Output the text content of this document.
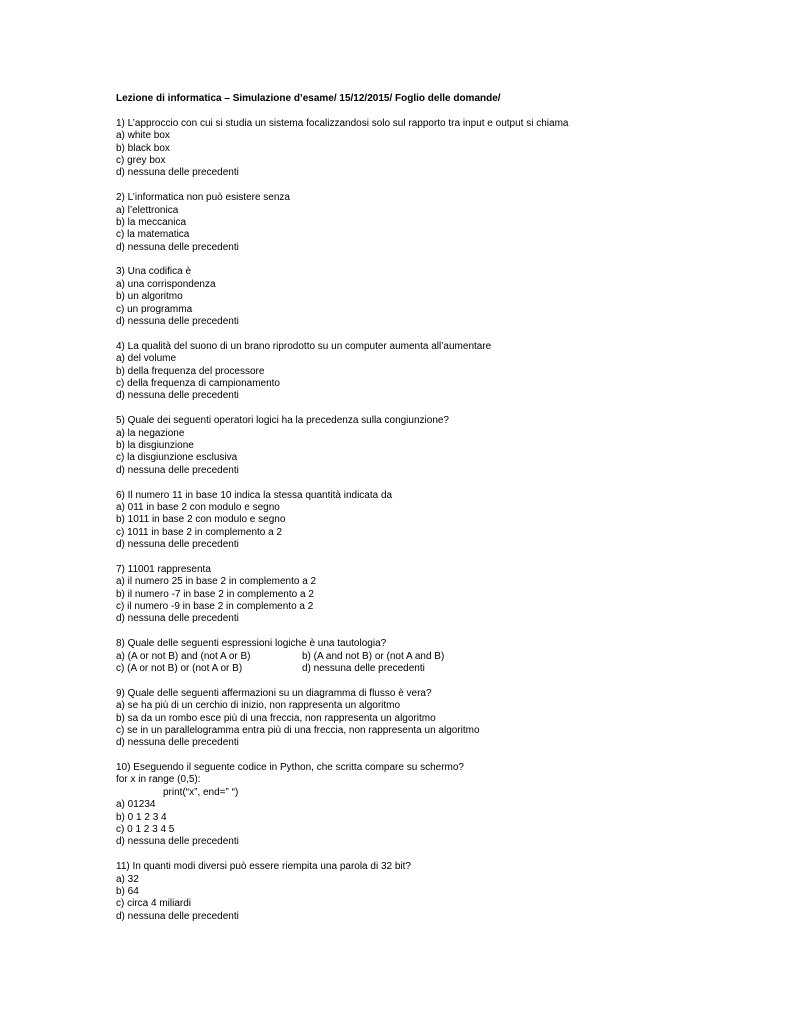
Lezione di informatica – Simulazione d’esame/ 15/12/2015/ Foglio delle domande/
1) L’approccio con cui si studia un sistema focalizzandosi solo sul rapporto tra input e output si chiama
a) white box
b) black box
c) grey box
d) nessuna delle precedenti
2) L’informatica non può esistere senza
a) l’elettronica
b) la meccanica
c) la matematica
d) nessuna delle precedenti
3) Una codifica è
a) una corrispondenza
b) un algoritmo
c) un programma
d) nessuna delle precedenti
4) La qualità del suono di un brano riprodotto su un computer aumenta all’aumentare
a) del volume
b) della frequenza del processore
c) della frequenza di campionamento
d) nessuna delle precedenti
5) Quale dei seguenti operatori logici ha la precedenza sulla congiunzione?
a) la negazione
b) la disgiunzione
c) la disgiunzione esclusiva
d) nessuna delle precedenti
6) Il numero 11 in base 10 indica la stessa quantità indicata da
a) 011 in base 2 con modulo e segno
b) 1011 in base 2 con modulo e segno
c) 1011 in base 2 in complemento a 2
d) nessuna delle precedenti
7) 11001 rappresenta
a) il numero 25 in base 2 in complemento a 2
b) il numero -7 in base 2 in complemento a 2
c) il numero -9 in base 2 in complemento a 2
d) nessuna delle precedenti
8) Quale delle seguenti espressioni logiche è una tautologia?
a) (A or not B) and (not A or B)	b) (A and not B) or (not A and B)
c) (A or not B) or (not A or B)	d) nessuna delle precedenti
9) Quale delle seguenti affermazioni su un diagramma di flusso è vera?
a) se ha più di un cerchio di inizio, non rappresenta un algoritmo
b) sa da un rombo esce più di una freccia, non rappresenta un algoritmo
c) se in un parallelogramma entra più di una freccia, non rappresenta un algoritmo
d) nessuna delle precedenti
10) Eseguendo il seguente codice in Python, che scritta compare su schermo?
for x in range (0,5):
print(“x”, end=” “)
a) 01234
b) 0 1 2 3 4
c) 0 1 2 3 4 5
d) nessuna delle precedenti
11) In quanti modi diversi può essere riempita una parola di 32 bit?
a) 32
b) 64
c) circa 4 miliardi
d) nessuna delle precedenti
